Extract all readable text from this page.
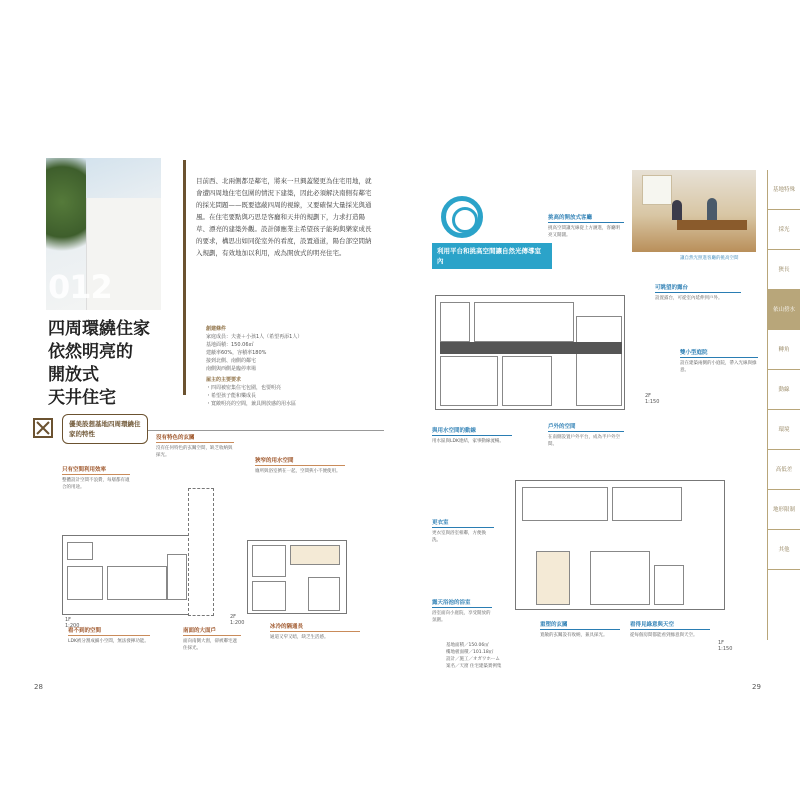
012
四周環繞住家
依然明亮的
開放式
天井住宅
目前西、北兩側都是鄰宅，將來一旦興蓋變更為住宅用地，就會遭四周地住宅包圍的情況下建築，因此必須解決南側有鄰宅的採光問題——既要遮蔽四周的視線，又要確保大量採光與通風。在住宅要點與巧思是客廳和天井的規劃下，力求打造陽草、漂亮的建築外觀。設計師應業主希望孩子能夠與樂家成長的要求，構思出如同從室外的看度，設置通道，陽台部空間納入規劃，有效地加以利用，成為開放式的明亮住宅。
創建條件
家庭成員：夫妻＋小孩1人（希望再添1人）
基地面積：150.06㎡
建蔽率60%，容積率180%
接到北側、南側的鄰宅
南側與西側是臨停車場
屋主的主要要求
・四周被密集住宅包圍，也要明亮
・希望孩子能和樂成長
・寬敞明亮的空間，兼具開放感的用水區
優美設想基地四周環繞住家的特性
只有空間利用效率
整體設計空間不浪費，每層都有適合的用途。
沒有特色的玄關
沒有任何特色的玄關空間，缺乏收納與採光。
狹窄的用水空間
廁所與浴室擠在一起，空間狹小不便使用。
看不到的空間
LDK被分割成細小空間，無法發揮功能。
南面的大面戶
面向南側大窗，卻被鄰宅遮住採光。
冰冷的隔通長
通道又窄又暗，缺乏生活感。
1F
1:200
2F
1:200
28
利用平台和挑高空間讓自然光傳導室內	讓自然光照進客廳的挑高空間
挑高的開放式客廳
挑高空間讓光線從上方灑進，客廳明亮又開闊。
可眺望的露台
設置露台，可從室內延伸到戶外。
雙小型庭院
設在建築兩側的小庭院，帶入光線與綠意。
與用水空間的動線
用水區與LDK連結，家事動線流暢。
戶外的空間
在南側設置戶外平台，成為半戶外空間。
更衣室
更衣室與浴室相鄰，方便換洗。
露天浴池的浴室
浴室面向小庭院，享受開放的氛圍。
重塑的玄關
寬敞的玄關設有收納，兼具採光。
看得見綠意與天空
從每個房間都能看到綠意與天空。
2F
1:150
1F
1:150
基地面積／150.06㎡
樓地板面積／101.18㎡
設計／施工／オガワホーム
案名／天窗 住宅建築實例集
基地特殊
採光
狹長
依山傍水
轉角
動線
環境
高低差
地形限制
其他
29
